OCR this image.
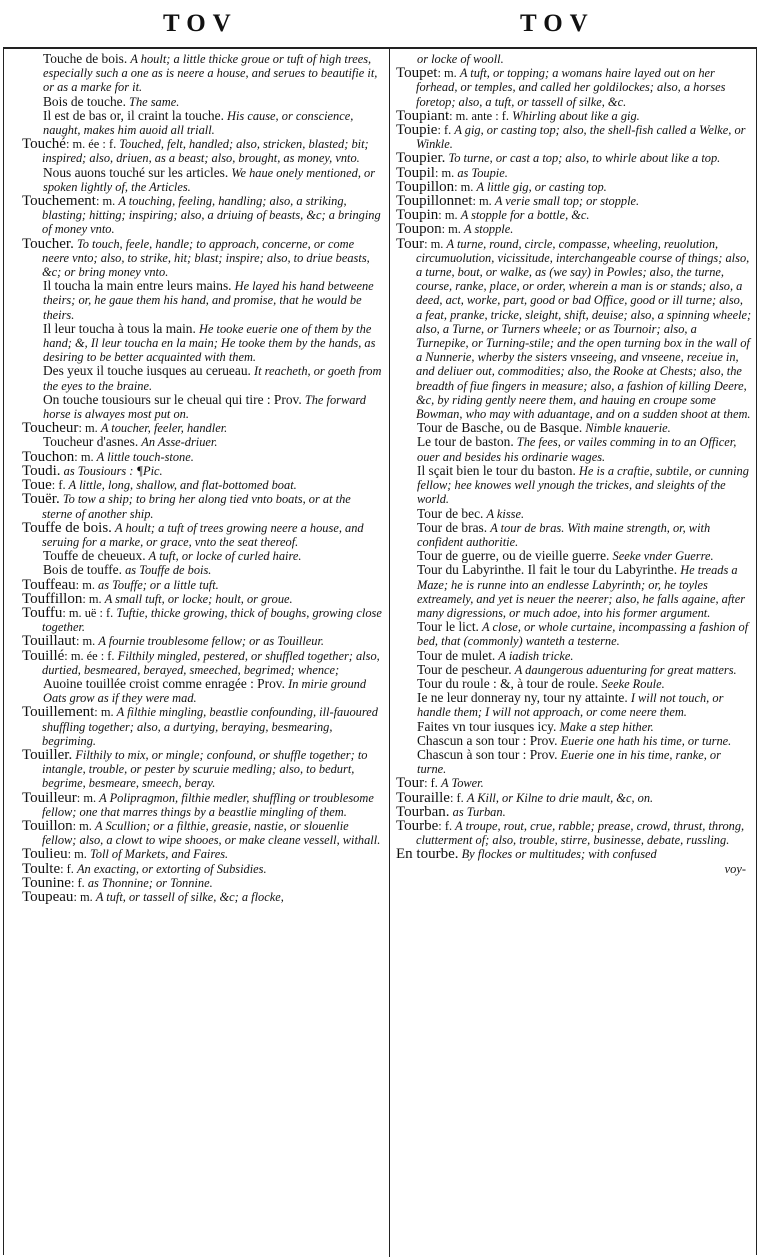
TOV	TOV

Touche de bois. A hoult; a little thicke groue or tuft of high trees, especially such a one as is neere a house, and serues to beautifie it, or as a marke for it.

Bois de touche. The same.

Il est de bas or, il craint la touche. His cause, or conscience, naught, makes him auoid all triall.

Touché: m. ée : f. Touched, felt, handled; also, stricken, blasted; bit; inspired; also, driuen, as a beast; also, brought, as money, vnto.

Nous auons touché sur les articles. We haue onely mentioned, or spoken lightly of, the Articles.

Touchement: m. A touching, feeling, handling; also, a striking, blasting; hitting; inspiring; also, a driuing of beasts, &c; a bringing of money vnto.

Toucher. To touch, feele, handle; to approach, concerne, or come neere vnto; also, to strike, hit; blast; inspire; also, to driue beasts, &c; or bring money vnto.

Il toucha la main entre leurs mains. He layed his hand betweene theirs; or, he gaue them his hand, and promise, that he would be theirs.

Il leur toucha à tous la main. He tooke euerie one of them by the hand; &, Il leur toucha en la main; He tooke them by the hands, as desiring to be better acquainted with them.

Des yeux il touche iusques au cerueau. It reacheth, or goeth from the eyes to the braine.

On touche tousiours sur le cheual qui tire : Prov. The forward horse is alwayes most put on.

Toucheur: m. A toucher, feeler, handler.

Toucheur d'asnes. An Asse-driuer.

Touchon: m. A little touch-stone.

Toudi. as Tousiours : ¶Pic.

Toue: f. A little, long, shallow, and flat-bottomed boat.

Touër. To tow a ship; to bring her along tied vnto boats, or at the sterne of another ship.

Touffe de bois. A hoult; a tuft of trees growing neere a house, and seruing for a marke, or grace, vnto the seat thereof.

Touffe de cheueux. A tuft, or locke of curled haire.

Bois de touffe. as Touffe de bois.

Touffeau: m. as Touffe; or a little tuft.

Touffillon: m. A small tuft, or locke; hoult, or groue.

Touffu: m. uë : f. Tuftie, thicke growing, thick of boughs, growing close together.

Touillaut: m. A fournie troublesome fellow; or as Touilleur.

Touillé: m. ée : f. Filthily mingled, pestered, or shuffled together; also, durtied, besmeared, berayed, smeeched, begrimed; whence;

Auoine touillée croist comme enragée : Prov. In mirie ground Oats grow as if they were mad.

Touillement: m. A filthie mingling, beastlie confounding, ill-fauoured shuffling together; also, a durtying, beraying, besmearing, begriming.

Touiller. Filthily to mix, or mingle; confound, or shuffle together; to intangle, trouble, or pester by scuruie medling; also, to bedurt, begrime, besmeare, smeech, beray.

Touilleur: m. A Polipragmon, filthie medler, shuffling or troublesome fellow; one that marres things by a beastlie mingling of them.

Touillon: m. A Scullion; or a filthie, greasie, nastie, or slouenlie fellow; also, a clowt to wipe shooes, or make cleane vessell, withall.

Toulieu: m. Toll of Markets, and Faires.

Toulte: f. An exacting, or extorting of Subsidies.

Tounine: f. as Thonnine; or Tonnine.

Toupeau: m. A tuft, or tassell of silke, &c; a flocke,

or locke of wooll.

Toupet: m. A tuft, or topping; a womans haire layed out on her forhead, or temples, and called her goldilockes; also, a horses foretop; also, a tuft, or tassell of silke, &c.

Toupiant: m. ante : f. Whirling about like a gig.

Toupie: f. A gig, or casting top; also, the shell-fish called a Welke, or Winkle.

Toupier. To turne, or cast a top; also, to whirle about like a top.

Toupil: m. as Toupie.

Toupillon: m. A little gig, or casting top.

Toupillonnet: m. A verie small top; or stopple.

Toupin: m. A stopple for a bottle, &c.

Toupon: m. A stopple.

Tour: m. A turne, round, circle, compasse, wheeling, reuolution, circumuolution, vicissitude, interchangeable course of things; also, a turne, bout, or walke, as (we say) in Powles; also, the turne, course, ranke, place, or order, wherein a man is or stands; also, a deed, act, worke, part, good or bad Office, good or ill turne; also, a feat, pranke, tricke, sleight, shift, deuise; also, a spinning wheele; also, a Turne, or Turners wheele; or as Tournoir; also, a Turnepike, or Turning-stile; and the open turning box in the wall of a Nunnerie, wherby the sisters vnseeing, and vnseene, receiue in, and deliuer out, commodities; also, the Rooke at Chests; also, the breadth of fiue fingers in measure; also, a fashion of killing Deere, &c, by riding gently neere them, and hauing en croupe some Bowman, who may with aduantage, and on a sudden shoot at them.

Tour de Basche, ou de Basque. Nimble knauerie.

Le tour de baston. The fees, or vailes comming in to an Officer, ouer and besides his ordinarie wages.

Il sçait bien le tour du baston. He is a craftie, subtile, or cunning fellow; hee knowes well ynough the trickes, and sleights of the world.

Tour de bec. A kisse.

Tour de bras. A tour de bras. With maine strength, or, with confident authoritie.

Tour de guerre, ou de vieille guerre. Seeke vnder Guerre.

Tour du Labyrinthe. Il fait le tour du Labyrinthe. He treads a Maze; he is runne into an endlesse Labyrinth; or, he toyles extreamely, and yet is neuer the neerer; also, he falls againe, after many digressions, or much adoe, into his former argument.

Tour le lict. A close, or whole curtaine, incompassing a fashion of bed, that (commonly) wanteth a testerne.

Tour de mulet. A iadish tricke.

Tour de pescheur. A daungerous aduenturing for great matters.

Tour du roule : &, à tour de roule. Seeke Roule.

Ie ne leur donneray ny, tour ny attainte. I will not touch, or handle them; I will not approach, or come neere them.

Faites vn tour iusques icy. Make a step hither.

Chascun a son tour : Prov. Euerie one hath his time, or turne.

Chascun à son tour : Prov. Euerie one in his time, ranke, or turne.

Tour: f. A Tower.

Touraille: f. A Kill, or Kilne to drie mault, &c, on.

Tourban. as Turban.

Tourbe: f. A troupe, rout, crue, rabble; prease, crowd, thrust, throng, clutterment of; also, trouble, stirre, businesse, debate, russling.

En tourbe. By flockes or multitudes; with confused

voy-
